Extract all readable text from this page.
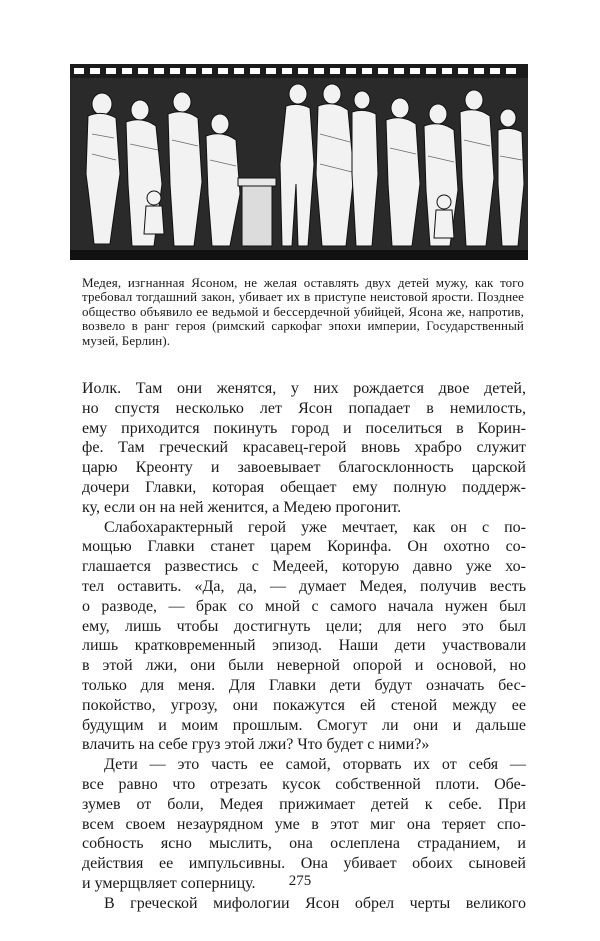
Медея, изгнанная Ясоном, не желая оставлять двух детей мужу, как того требовал тогдашний закон, убивает их в приступе неистовой ярости. Позднее общество объявило ее ведьмой и бессердечной убийцей, Ясона же, напротив, возвело в ранг героя (римский саркофаг эпохи империи, Государственный музей, Берлин).

Иолк. Там они женятся, у них рождается двое детей,
но спустя несколько лет Ясон попадает в немилость,
ему приходится покинуть город и поселиться в Корин-
фе. Там греческий красавец-герой вновь храбро служит
царю Креонту и завоевывает благосклонность царской
дочери Главки, которая обещает ему полную поддерж-
ку, если он на ней женится, а Медею прогонит.

Слабохарактерный герой уже мечтает, как он с по-
мощью Главки станет царем Коринфа. Он охотно со-
глашается развестись с Медеей, которую давно уже хо-
тел оставить. «Да, да, — думает Медея, получив весть
о разводе, — брак со мной с самого начала нужен был
ему, лишь чтобы достигнуть цели; для него это был
лишь кратковременный эпизод. Наши дети участвовали
в этой лжи, они были неверной опорой и основой, но
только для меня. Для Главки дети будут означать бес-
покойство, угрозу, они покажутся ей стеной между ее
будущим и моим прошлым. Смогут ли они и дальше
влачить на себе груз этой лжи? Что будет с ними?»

Дети — это часть ее самой, оторвать их от себя —
все равно что отрезать кусок собственной плоти. Обе-
зумев от боли, Медея прижимает детей к себе. При
всем своем незаурядном уме в этот миг она теряет спо-
собность ясно мыслить, она ослеплена страданием, и
действия ее импульсивны. Она убивает обоих сыновей
и умерщвляет соперницу.

В греческой мифологии Ясон обрел черты великого

275
